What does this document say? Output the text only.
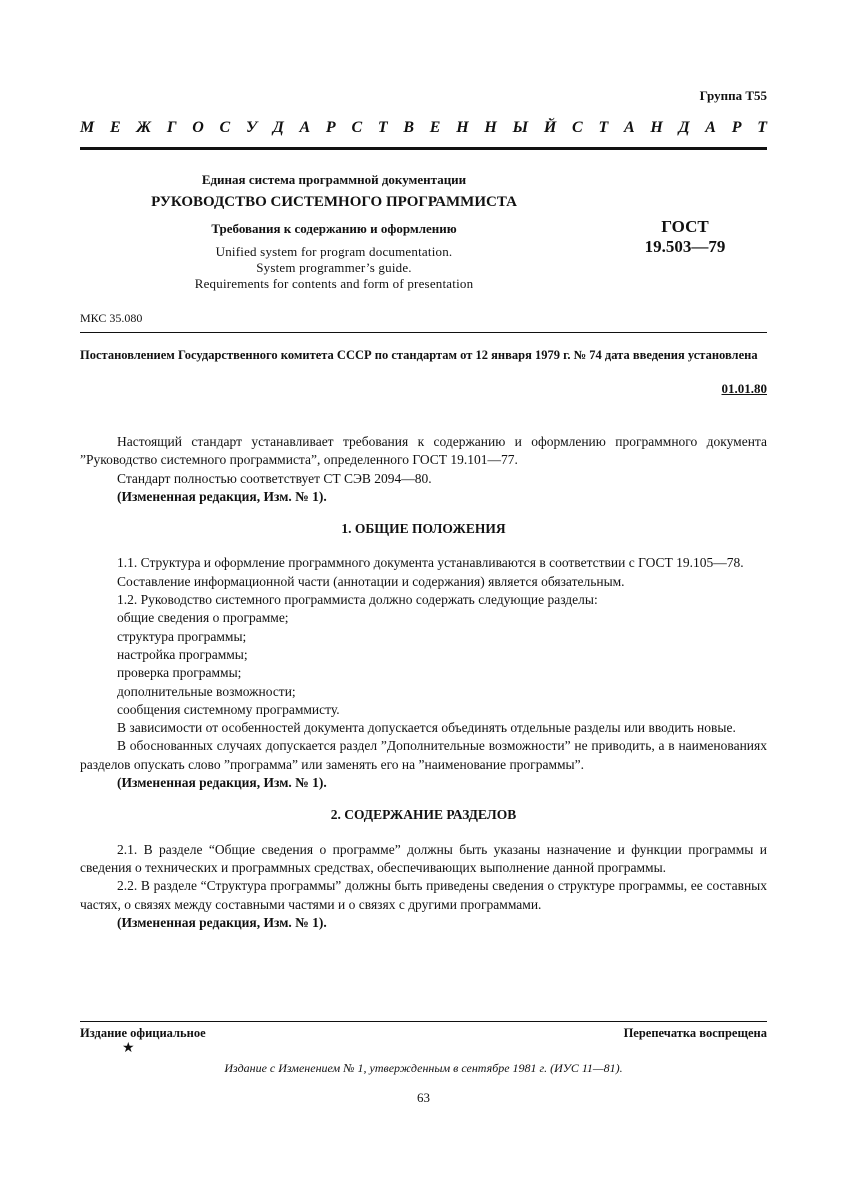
Группа Т55
М Е Ж Г О С У Д А Р С Т В Е Н Н Ы Й С Т А Н Д А Р Т
Единая система программной документации
РУКОВОДСТВО СИСТЕМНОГО ПРОГРАММИСТА
Требования к содержанию и оформлению
Unified system for program documentation.
System programmer’s guide.
Requirements for contents and form of presentation
ГОСТ
19.503—79
МКС 35.080
Постановлением Государственного комитета СССР по стандартам от 12 января 1979 г. № 74 дата введения установлена
01.01.80

Настоящий стандарт устанавливает требования к содержанию и оформлению программного документа ”Руководство системного программиста”, определенного ГОСТ 19.101—77.

Стандарт полностью соответствует СТ СЭВ 2094—80.

(Измененная редакция, Изм. № 1).

1. ОБЩИЕ ПОЛОЖЕНИЯ

1.1. Структура и оформление программного документа устанавливаются в соответствии с ГОСТ 19.105—78.

Составление информационной части (аннотации и содержания) является обязательным.

1.2. Руководство системного программиста должно содержать следующие разделы:

общие сведения о программе;

структура программы;

настройка программы;

проверка программы;

дополнительные возможности;

сообщения системному программисту.

В зависимости от особенностей документа допускается объединять отдельные разделы или вводить новые.

В обоснованных случаях допускается раздел ”Дополнительные возможности” не приводить, а в наименованиях разделов опускать слово ”программа” или заменять его на ”наименование программы”.

(Измененная редакция, Изм. № 1).

2. СОДЕРЖАНИЕ РАЗДЕЛОВ

2.1. В разделе “Общие сведения о программе” должны быть указаны назначение и функции программы и сведения о технических и программных средствах, обеспечивающих выполнение данной программы.

2.2. В разделе “Структура программы” должны быть приведены сведения о структуре программы, ее составных частях, о связях между составными частями и о связях с другими программами.

(Измененная редакция, Изм. № 1).

Издание официальное
★
Перепечатка воспрещена
Издание с Изменением № 1, утвержденным в сентябре 1981 г. (ИУС 11—81).
63
